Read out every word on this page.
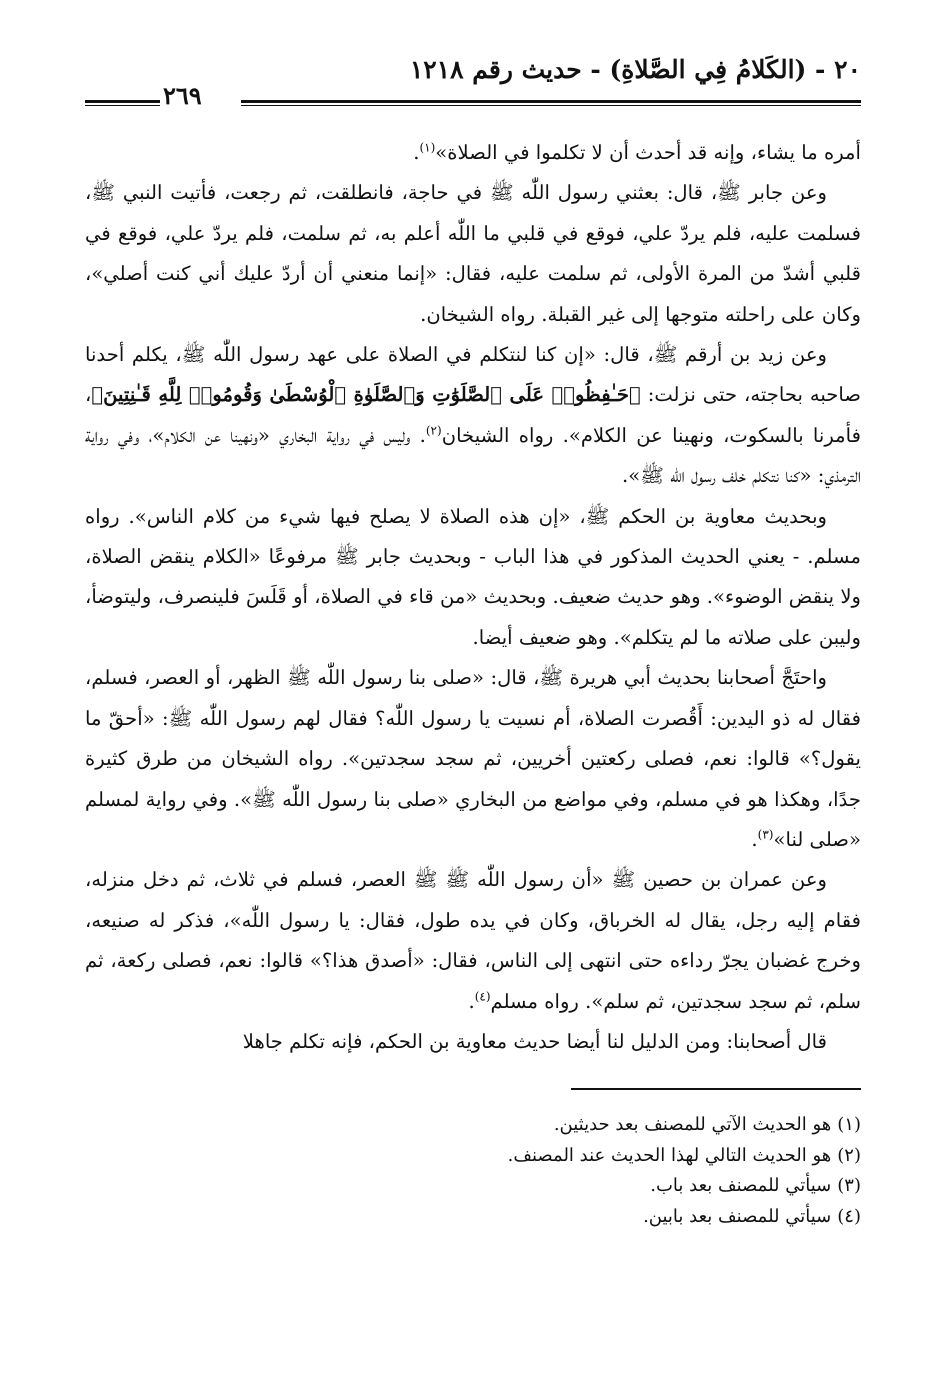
٢٠ - (الكَلامُ فِي الصَّلاةِ) - حديث رقم ١٢١٨
٢٦٩

أمره ما يشاء، وإنه قد أحدث أن لا تكلموا في الصلاة»$^{(١)}$.

وعن جابر ﷺ، قال: بعثني رسول اللّٰه ﷺ في حاجة، فانطلقت، ثم رجعت، فأتيت النبي ﷺ، فسلمت عليه، فلم يردّ علي، فوقع في قلبي ما اللّٰه أعلم به، ثم سلمت، فلم يردّ علي، فوقع في قلبي أشدّ من المرة الأولى، ثم سلمت عليه، فقال: «إنما منعني أن أردّ عليك أني كنت أصلي»، وكان على راحلته متوجها إلى غير القبلة. رواه الشيخان.

وعن زيد بن أرقم ﷺ، قال: «إن كنا لنتكلم في الصلاة على عهد رسول اللّٰه ﷺ، يكلم أحدنا صاحبه بحاجته، حتى نزلت: ﴿حَـٰفِظُوا۟ عَلَى ٱلصَّلَوَٰتِ وَٱلصَّلَوٰةِ ٱلْوُسْطَىٰ وَقُومُوا۟ لِلَّهِ قَـٰنِتِينَ﴾، فأمرنا بالسكوت، ونهينا عن الكلام». رواه الشيخان$^{(٢)}$. وليس في رواية البخاري «ونهينا عن الكلام»، وفي رواية الترمذي: «كنا نتكلم خلف رسول اللّٰه ﷺ».

وبحديث معاوية بن الحكم ﷺ، «إن هذه الصلاة لا يصلح فيها شيء من كلام الناس». رواه مسلم. - يعني الحديث المذكور في هذا الباب - وبحديث جابر ﷺ مرفوعًا «الكلام ينقض الصلاة، ولا ينقض الوضوء». وهو حديث ضعيف. وبحديث «من قاء في الصلاة، أو قَلَسَ فلينصرف، وليتوضأ، وليبن على صلاته ما لم يتكلم». وهو ضعيف أيضا.

واحتَجَّ أصحابنا بحديث أبي هريرة ﷺ، قال: «صلى بنا رسول اللّٰه ﷺ الظهر، أو العصر، فسلم، فقال له ذو اليدين: أَقُصرت الصلاة، أم نسيت يا رسول اللّٰه؟ فقال لهم رسول اللّٰه ﷺ: «أحقّ ما يقول؟» قالوا: نعم، فصلى ركعتين أخريين، ثم سجد سجدتين». رواه الشيخان من طرق كثيرة جدًا، وهكذا هو في مسلم، وفي مواضع من البخاري «صلى بنا رسول اللّٰه ﷺ». وفي رواية لمسلم «صلى لنا»$^{(٣)}$.

وعن عمران بن حصين ﷺ «أن رسول اللّٰه ﷺ ﷺ العصر، فسلم في ثلاث، ثم دخل منزله، فقام إليه رجل، يقال له الخرباق، وكان في يده طول، فقال: يا رسول اللّٰه»، فذكر له صنيعه، وخرج غضبان يجرّ رداءه حتى انتهى إلى الناس، فقال: «أصدق هذا؟» قالوا: نعم، فصلى ركعة، ثم سلم، ثم سجد سجدتين، ثم سلم». رواه مسلم$^{(٤)}$.

قال أصحابنا: ومن الدليل لنا أيضا حديث معاوية بن الحكم، فإنه تكلم جاهلا

(١)هو الحديث الآتي للمصنف بعد حديثين.

(٢)هو الحديث التالي لهذا الحديث عند المصنف.

(٣)سيأتي للمصنف بعد باب.

(٤)سيأتي للمصنف بعد بابين.
